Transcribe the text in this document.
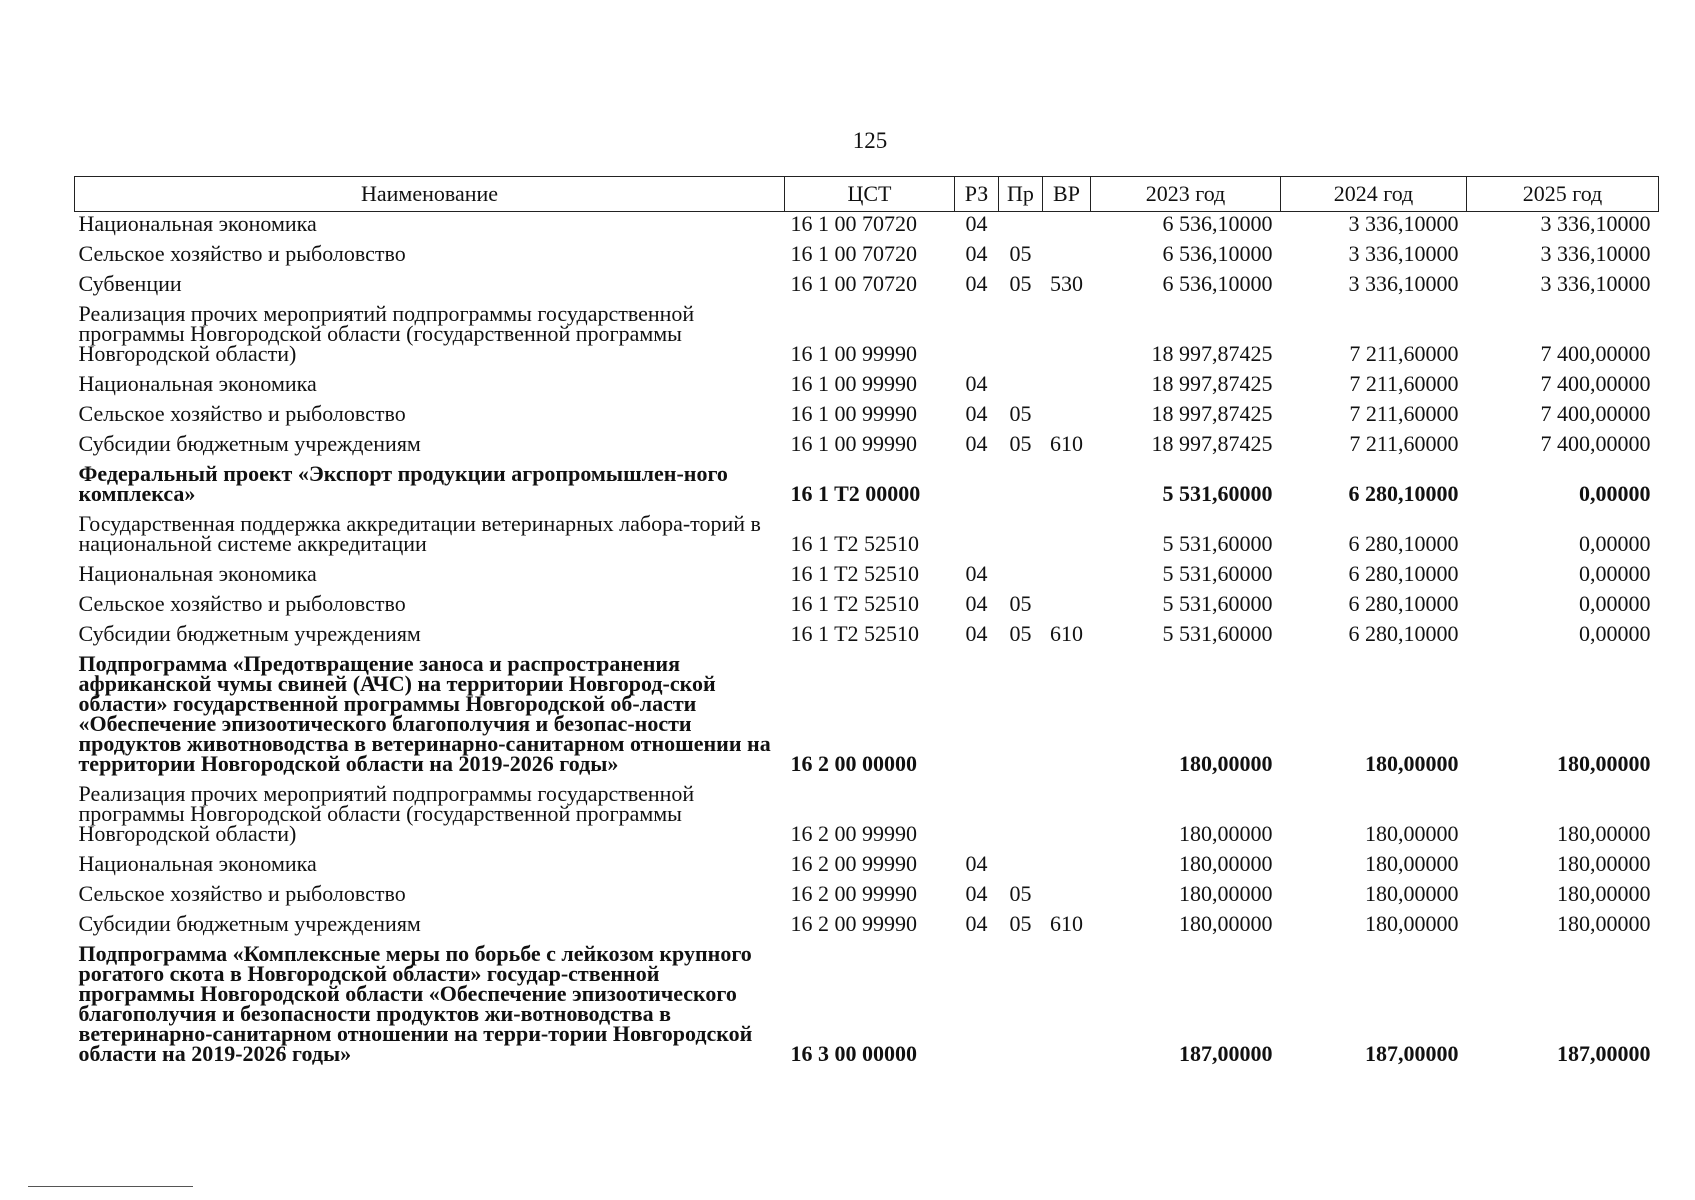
125
Наименование	ЦСТ	РЗ	Пр	ВР	2023 год	2024 год	2025 год
Национальная экономика	16 1 00 70720	04			6 536,10000	3 336,10000	3 336,10000
Сельское хозяйство и рыболовство	16 1 00 70720	04	05		6 536,10000	3 336,10000	3 336,10000
Субвенции	16 1 00 70720	04	05	530	6 536,10000	3 336,10000	3 336,10000
Реализация прочих мероприятий подпрограммы государственной программы Новгородской области (государственной программы Новгородской области)	16 1 00 99990				18 997,87425	7 211,60000	7 400,00000
Национальная экономика	16 1 00 99990	04			18 997,87425	7 211,60000	7 400,00000
Сельское хозяйство и рыболовство	16 1 00 99990	04	05		18 997,87425	7 211,60000	7 400,00000
Субсидии бюджетным учреждениям	16 1 00 99990	04	05	610	18 997,87425	7 211,60000	7 400,00000
Федеральный проект «Экспорт продукции агропромышлен-ного комплекса»	16 1 T2 00000				5 531,60000	6 280,10000	0,00000
Государственная поддержка аккредитации ветеринарных лабора-торий в национальной системе аккредитации	16 1 T2 52510				5 531,60000	6 280,10000	0,00000
Национальная экономика	16 1 T2 52510	04			5 531,60000	6 280,10000	0,00000
Сельское хозяйство и рыболовство	16 1 T2 52510	04	05		5 531,60000	6 280,10000	0,00000
Субсидии бюджетным учреждениям	16 1 T2 52510	04	05	610	5 531,60000	6 280,10000	0,00000
Подпрограмма «Предотвращение заноса и распространения африканской чумы свиней (АЧС) на территории Новгород-ской области» государственной программы Новгородской об-ласти «Обеспечение эпизоотического благополучия и безопас-ности продуктов животноводства в ветеринарно-санитарном отношении на территории Новгородской области на 2019-2026 годы»	16 2 00 00000				180,00000	180,00000	180,00000
Реализация прочих мероприятий подпрограммы государственной программы Новгородской области (государственной программы Новгородской области)	16 2 00 99990				180,00000	180,00000	180,00000
Национальная экономика	16 2 00 99990	04			180,00000	180,00000	180,00000
Сельское хозяйство и рыболовство	16 2 00 99990	04	05		180,00000	180,00000	180,00000
Субсидии бюджетным учреждениям	16 2 00 99990	04	05	610	180,00000	180,00000	180,00000
Подпрограмма «Комплексные меры по борьбе с лейкозом крупного рогатого скота в Новгородской области» государ-ственной программы Новгородской области «Обеспечение эпизоотического благополучия и безопасности продуктов жи-вотноводства в ветеринарно-санитарном отношении на терри-тории Новгородской области на 2019-2026 годы»	16 3 00 00000				187,00000	187,00000	187,00000
